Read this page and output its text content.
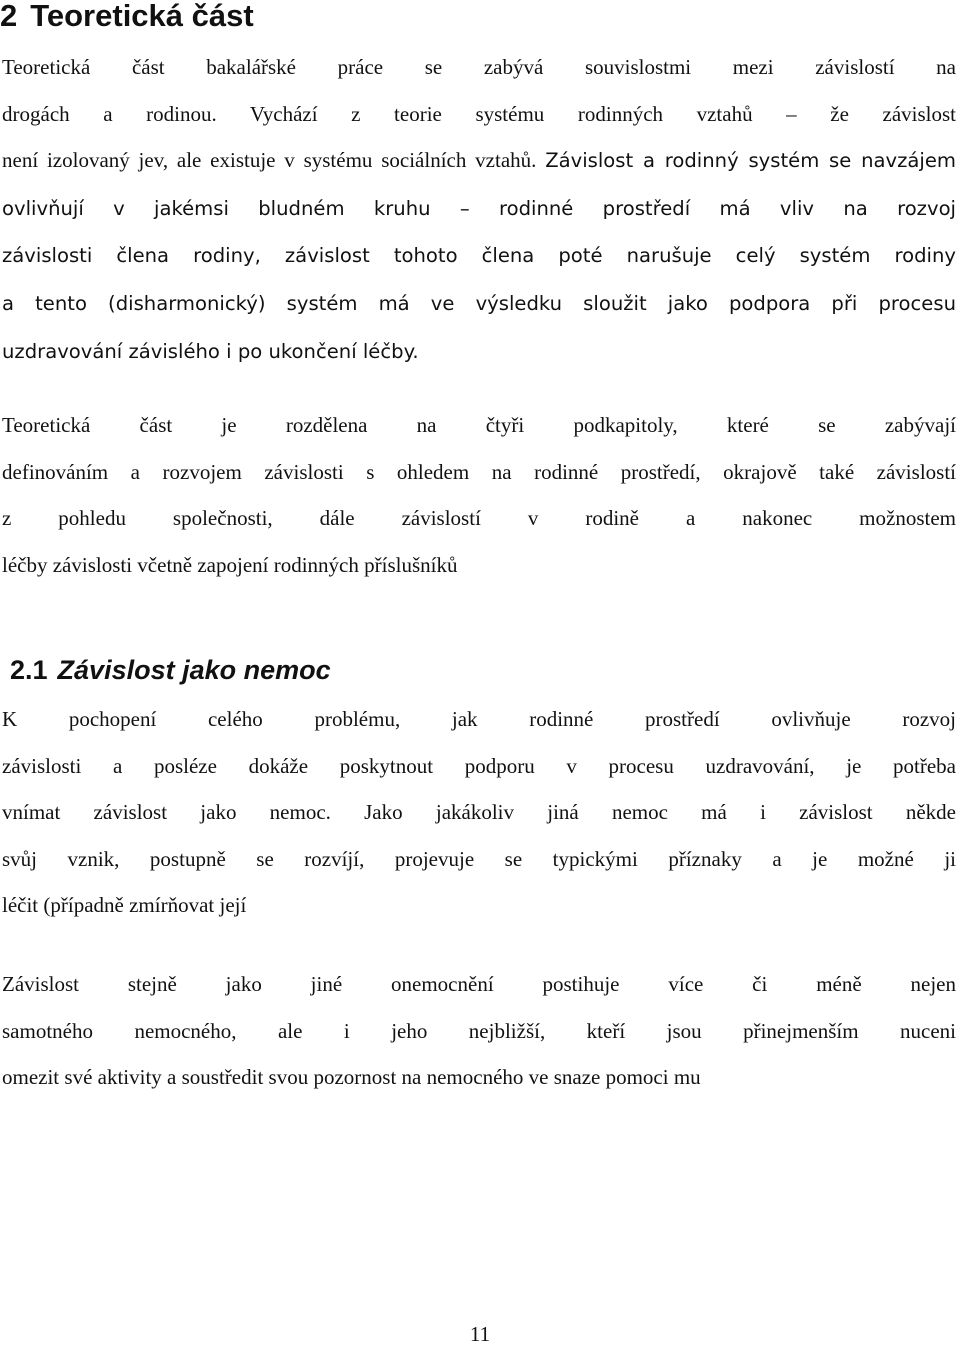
2 Teoretická část

Teoretická část bakalářské práce se zabývá souvislostmi mezi závislostí na
drogách a rodinou. Vychází z teorie systému rodinných vztahů – že závislost
není izolovaný jev, ale existuje v systému sociálních vztahů. Závislost a rodinný systém se navzájem
ovlivňují v jakémsi bludném kruhu – rodinné prostředí má vliv na rozvoj
závislosti člena rodiny, závislost tohoto člena poté narušuje celý systém rodiny
a tento (disharmonický) systém má ve výsledku sloužit jako podpora při procesu
uzdravování závislého i po ukončení léčby.

Teoretická část je rozdělena na čtyři podkapitoly, které se zabývají
definováním a rozvojem závislosti s ohledem na rodinné prostředí, okrajově také závislostí
z pohledu společnosti, dále závislostí v rodině a nakonec možnostem
léčby závislosti včetně zapojení rodinných příslušníků

2.1 Závislost jako nemoc

K pochopení celého problému, jak rodinné prostředí ovlivňuje rozvoj
závislosti a posléze dokáže poskytnout podporu v procesu uzdravování, je potřeba
vnímat závislost jako nemoc. Jako jakákoliv jiná nemoc má i závislost někde
svůj vznik, postupně se rozvíjí, projevuje se typickými příznaky a je možné ji
léčit (případně zmírňovat její

Závislost stejně jako jiné onemocnění postihuje více či méně nejen
samotného nemocného, ale i jeho nejbližší, kteří jsou přinejmenším nuceni
omezit své aktivity a soustředit svou pozornost na nemocného ve snaze pomoci mu

11
